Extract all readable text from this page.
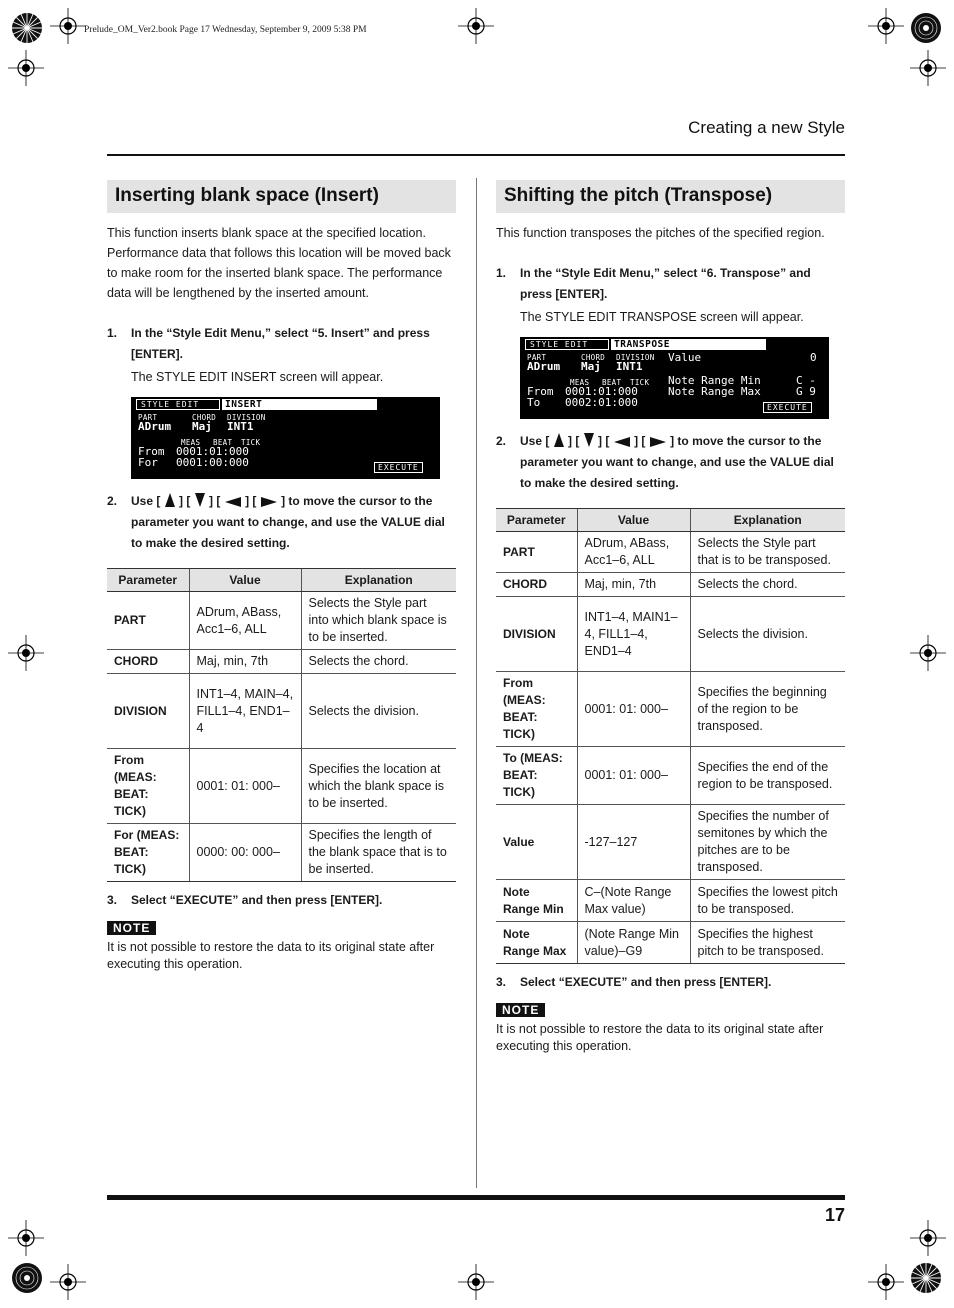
Prelude_OM_Ver2.book Page 17 Wednesday, September 9, 2009 5:38 PM
Creating a new Style
Inserting blank space (Insert)

This function inserts blank space at the specified location. Performance data that follows this location will be moved back to make room for the inserted blank space. The performance data will be lengthened by the inserted amount.

1. In the “Style Edit Menu,” select “5. Insert” and press [ENTER].

The STYLE EDIT INSERT screen will appear.

STYLE EDIT	INSERT
PART	CHORD DIVISION
ADrum Maj INT1
MEAS BEAT TICK
From 0001:01:000
For 0001:00:000	EXECUTE
2. Use [ ] [ ] [ ] [ ] to move the cursor to the parameter you want to change, and use the VALUE dial to make the desired setting.
Parameter	Value	Explanation
PART	ADrum, ABass, Acc1–6, ALL	Selects the Style part into which blank space is to be inserted.
CHORD	Maj, min, 7th	Selects the chord.
DIVISION	INT1–4, MAIN–4, FILL1–4, END1–4	Selects the division.
From (MEAS: BEAT: TICK)	0001: 01: 000–	Specifies the location at which the blank space is to be inserted.
For (MEAS: BEAT: TICK)	0000: 00: 000–	Specifies the length of the blank space that is to be inserted.
3. Select “EXECUTE” and then press [ENTER].
NOTE

It is not possible to restore the data to its original state after executing this operation.

Shifting the pitch (Transpose)

This function transposes the pitches of the specified region.

1. In the “Style Edit Menu,” select “6. Transpose” and press [ENTER].

The STYLE EDIT TRANSPOSE screen will appear.

STYLE EDIT	TRANSPOSE
PART	CHORD DIVISION
ADrum Maj INT1
Value	0
MEAS BEAT TICK
From 0001:01:000
To 0002:01:000
Note Range Min	C -
Note Range Max	G 9
EXECUTE
2. Use [ ] [ ] [ ] [ ] to move the cursor to the parameter you want to change, and use the VALUE dial to make the desired setting.
Parameter	Value	Explanation
PART	ADrum, ABass, Acc1–6, ALL	Selects the Style part that is to be transposed.
CHORD	Maj, min, 7th	Selects the chord.
DIVISION	INT1–4, MAIN1–4, FILL1–4, END1–4	Selects the division.
From (MEAS: BEAT: TICK)	0001: 01: 000–	Specifies the beginning of the region to be transposed.
To (MEAS: BEAT: TICK)	0001: 01: 000–	Specifies the end of the region to be transposed.
Value	-127–127	Specifies the number of semitones by which the pitches are to be transposed.
Note Range Min	C–(Note Range Max value)	Specifies the lowest pitch to be transposed.
Note Range Max	(Note Range Min value)–G9	Specifies the highest pitch to be transposed.
3. Select “EXECUTE” and then press [ENTER].
NOTE

It is not possible to restore the data to its original state after executing this operation.

17
